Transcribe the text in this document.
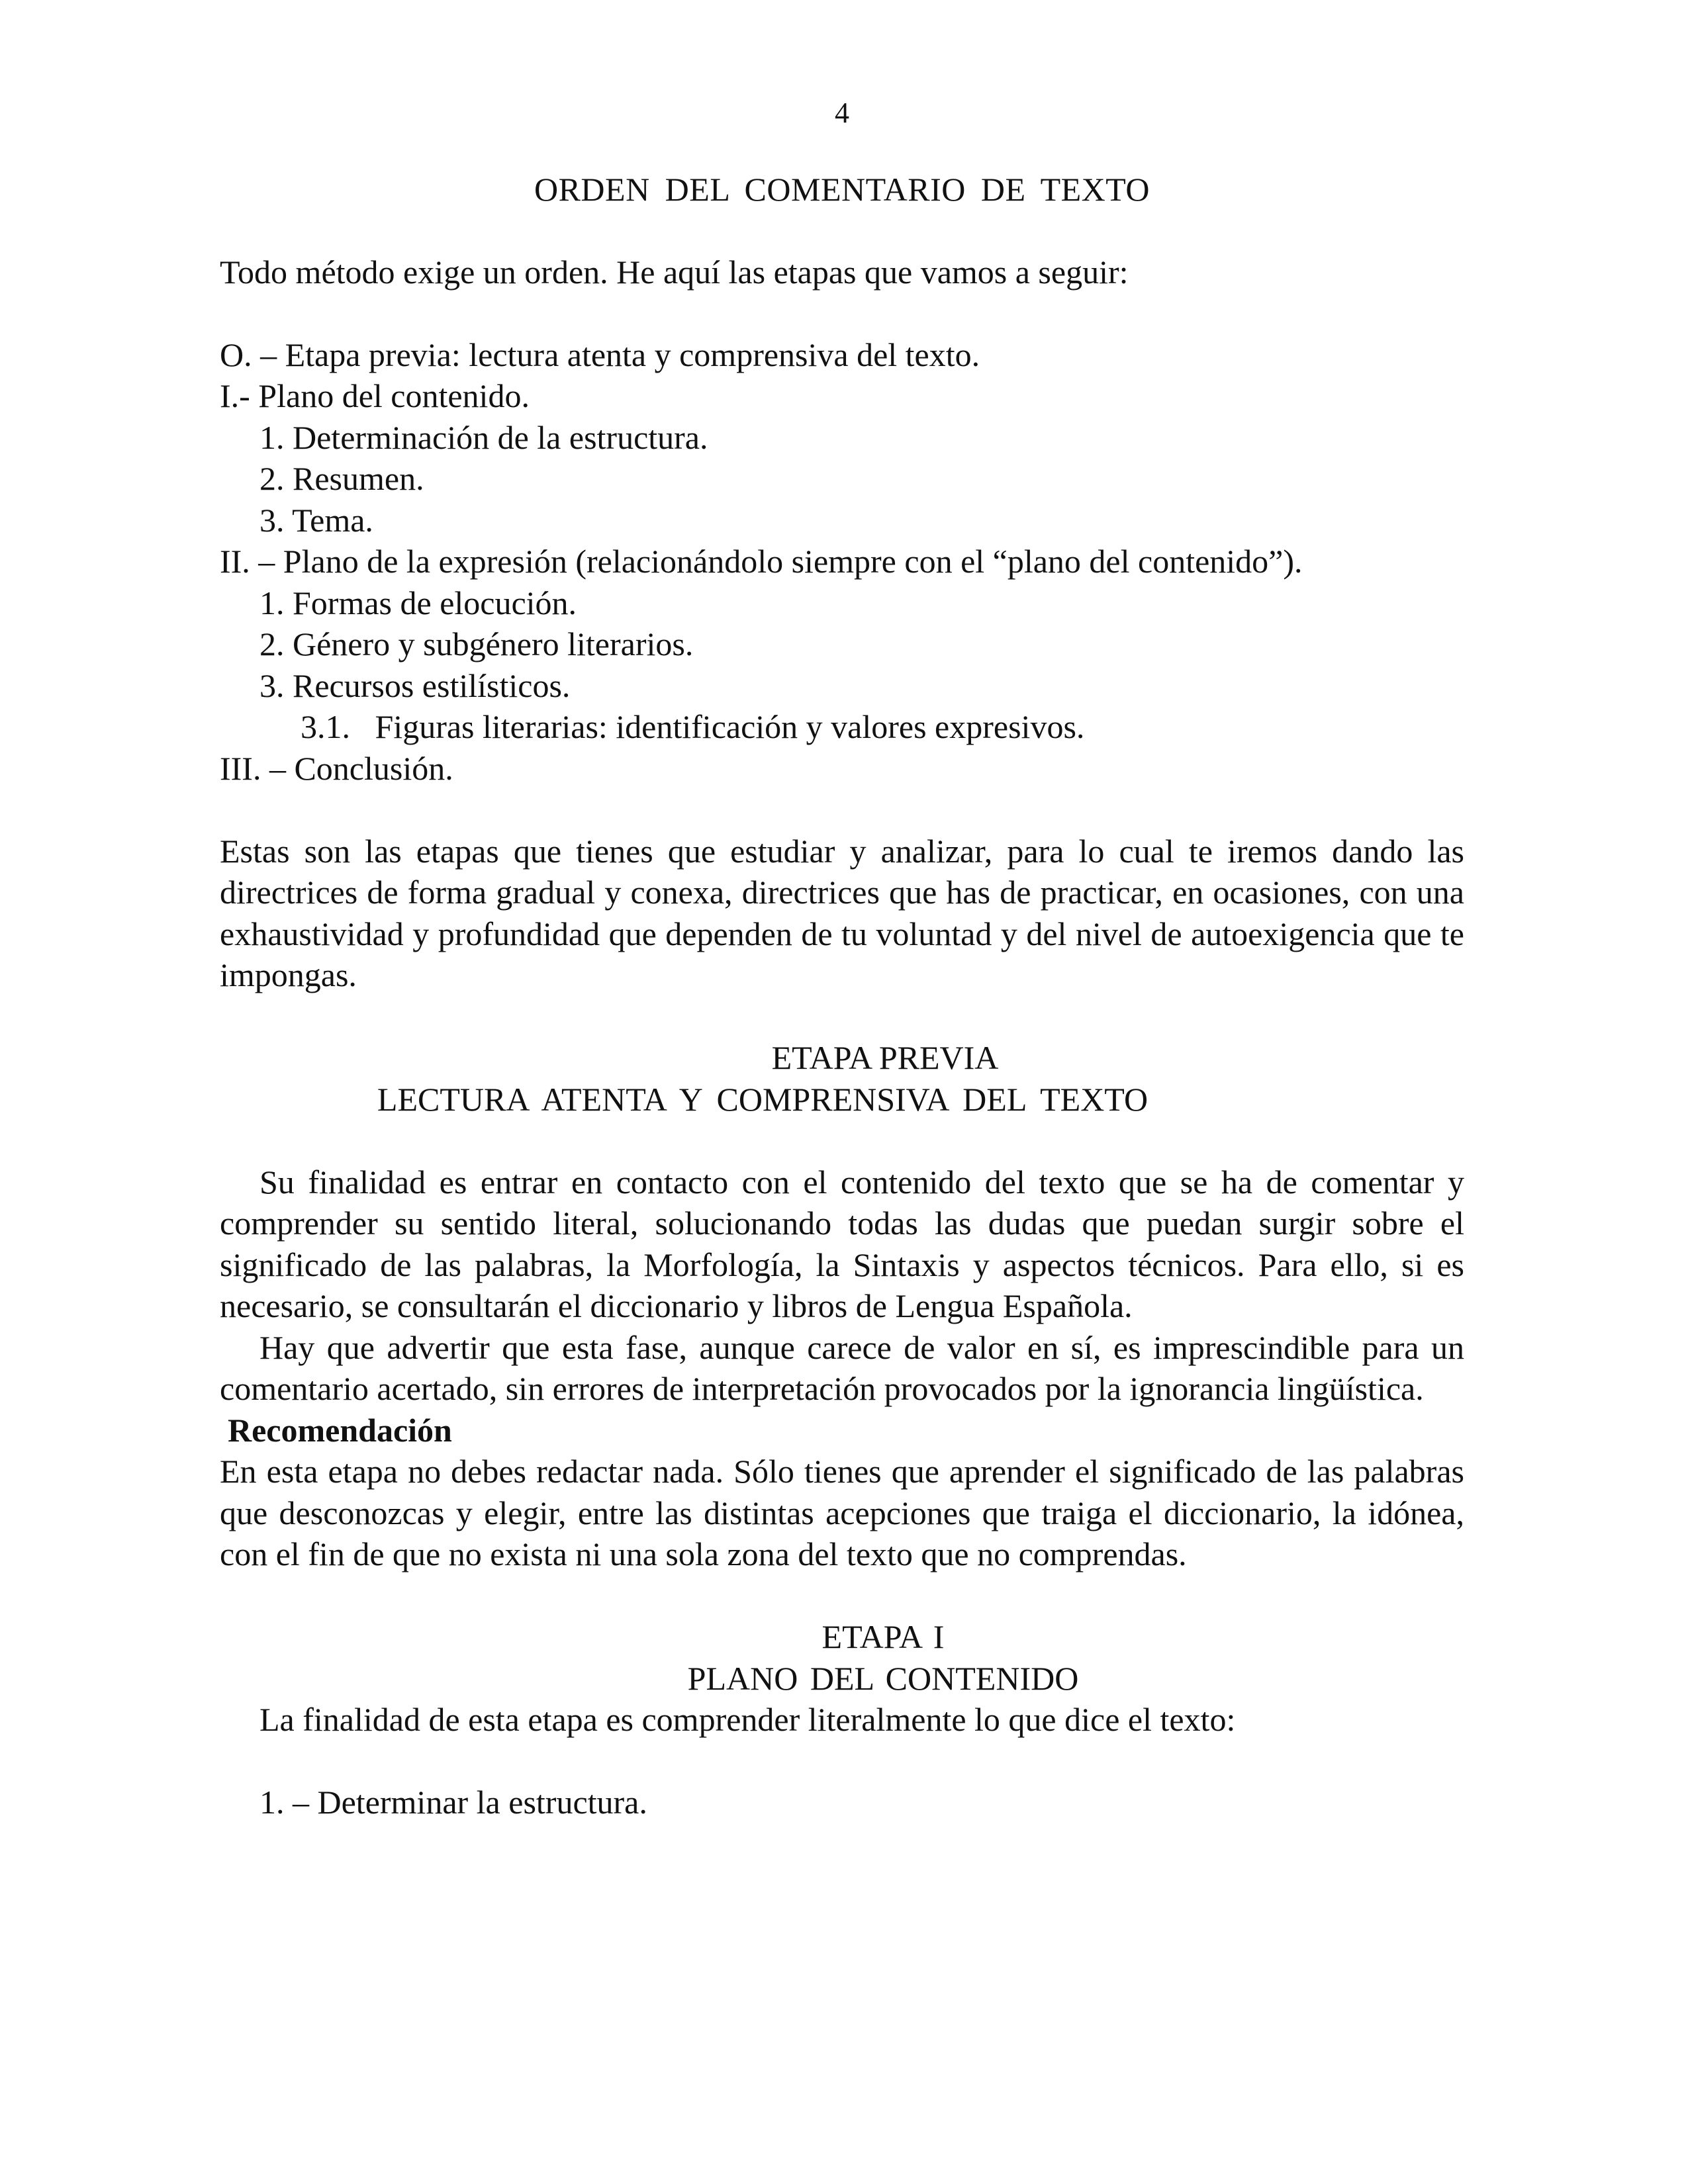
4
ORDEN DEL COMENTARIO DE TEXTO
Todo método exige un orden. He aquí las etapas que vamos a seguir:
O. – Etapa previa: lectura atenta y comprensiva del texto.
I.- Plano del contenido.
1. Determinación de la estructura.
2. Resumen.
3. Tema.
II. – Plano de la expresión (relacionándolo siempre con el “plano del contenido”).
1. Formas de elocución.
2. Género y subgénero literarios.
3. Recursos estilísticos.
3.1.   Figuras literarias: identificación y valores expresivos.
III. – Conclusión.
Estas son las etapas que tienes que estudiar y analizar, para lo cual te iremos dando las directrices de forma gradual y conexa, directrices que has de practicar, en ocasiones, con una exhaustividad y profundidad que dependen de tu voluntad y del nivel de autoexigencia que te impongas.
ETAPA PREVIA
LECTURA ATENTA Y COMPRENSIVA DEL TEXTO
Su finalidad es entrar en contacto con el contenido del texto que se ha de comentar y comprender su sentido literal, solucionando todas las dudas que puedan surgir sobre el significado de las palabras, la Morfología, la Sintaxis y aspectos técnicos. Para ello, si es necesario, se consultarán el diccionario y libros de Lengua Española.
Hay que advertir que esta fase, aunque carece de valor en sí, es imprescindible para un comentario acertado, sin errores de interpretación provocados por la ignorancia lingüística.
Recomendación
En esta etapa no debes redactar nada. Sólo tienes que aprender el significado de las palabras que desconozcas y elegir, entre las distintas acepciones que traiga el diccionario, la idónea, con el fin de que no exista ni una sola zona del texto que no comprendas.
ETAPA I
PLANO DEL CONTENIDO
La finalidad de esta etapa es comprender literalmente lo que dice el texto:
1. – Determinar la estructura.
